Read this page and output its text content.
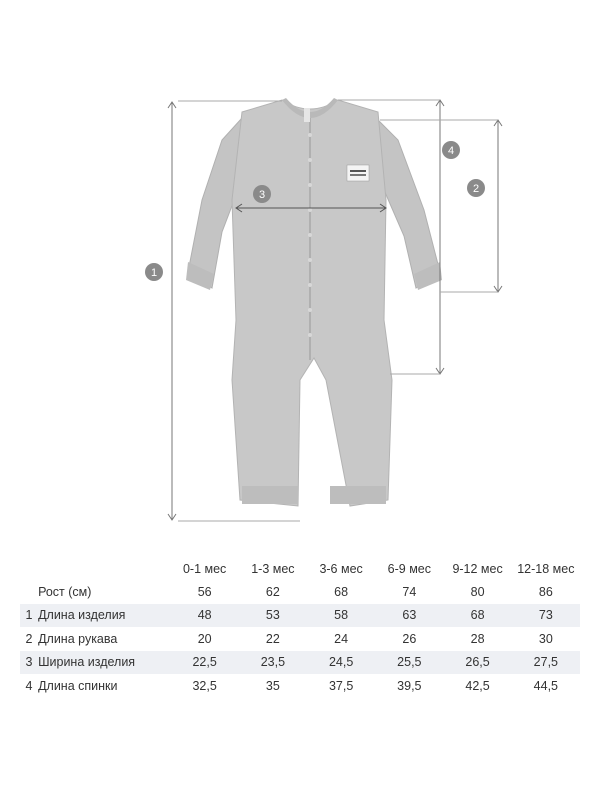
1
2
3
4
		0-1 мес	1-3 мес	3-6 мес	6-9 мес	9-12 мес	12-18 мес
	Рост (см)	56	62	68	74	80	86
1	Длина изделия	48	53	58	63	68	73
2	Длина рукава	20	22	24	26	28	30
3	Ширина изделия	22,5	23,5	24,5	25,5	26,5	27,5
4	Длина спинки	32,5	35	37,5	39,5	42,5	44,5
